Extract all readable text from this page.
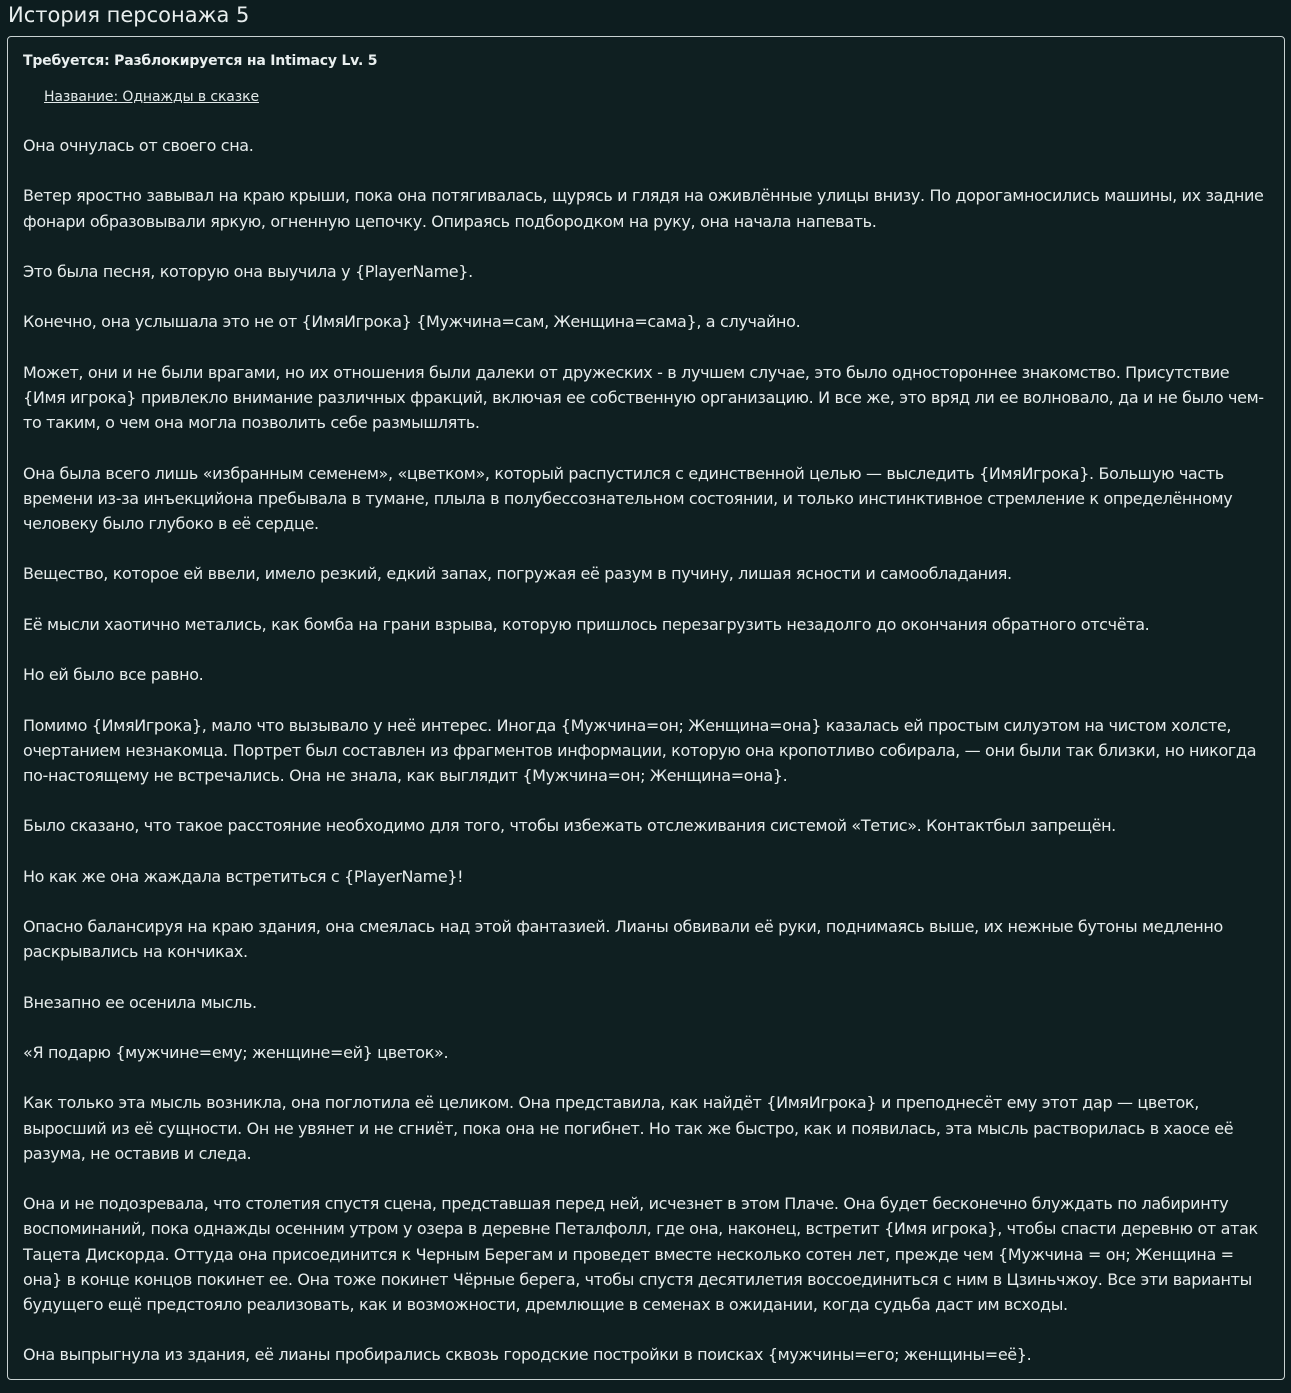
История персонажа 5
Требуется: Разблокируется на Intimacy Lv. 5
Название: Однажды в сказке

Она очнулась от своего сна.

Ветер яростно завывал на краю крыши, пока она потягивалась, щурясь и глядя на оживлённые улицы внизу. По дорогамносились машины, их задние фонари образовывали яркую, огненную цепочку. Опираясь подбородком на руку, она начала напевать.

Это была песня, которую она выучила у {PlayerName}.

Конечно, она услышала это не от {ИмяИгрока} {Мужчина=сам, Женщина=сама}, а случайно.

Может, они и не были врагами, но их отношения были далеки от дружеских - в лучшем случае, это было одностороннее знакомство. Присутствие {Имя игрока} привлекло внимание различных фракций, включая ее собственную организацию. И все же, это вряд ли ее волновало, да и не было чем-то таким, о чем она могла позволить себе размышлять.

Она была всего лишь «избранным семенем», «цветком», который распустился с единственной целью — выследить {ИмяИгрока}. Большую часть времени из-за инъекцийона пребывала в тумане, плыла в полубессознательном состоянии, и только инстинктивное стремление к определённому человеку было глубоко в её сердце.

Вещество, которое ей ввели, имело резкий, едкий запах, погружая её разум в пучину, лишая ясности и самообладания.

Её мысли хаотично метались, как бомба на грани взрыва, которую пришлось перезагрузить незадолго до окончания обратного отсчёта.

Но ей было все равно.

Помимо {ИмяИгрока}, мало что вызывало у неё интерес. Иногда {Мужчина=он; Женщина=она} казалась ей простым силуэтом на чистом холсте, очертанием незнакомца. Портрет был составлен из фрагментов информации, которую она кропотливо собирала, — они были так близки, но никогда по-настоящему не встречались. Она не знала, как выглядит {Мужчина=он; Женщина=она}.

Было сказано, что такое расстояние необходимо для того, чтобы избежать отслеживания системой «Тетис». Контактбыл запрещён.

Но как же она жаждала встретиться с {PlayerName}!

Опасно балансируя на краю здания, она смеялась над этой фантазией. Лианы обвивали её руки, поднимаясь выше, их нежные бутоны медленно раскрывались на кончиках.

Внезапно ее осенила мысль.

«Я подарю {мужчине=ему; женщине=ей} цветок».

Как только эта мысль возникла, она поглотила её целиком. Она представила, как найдёт {ИмяИгрока} и преподнесёт ему этот дар — цветок, выросший из её сущности. Он не увянет и не сгниёт, пока она не погибнет. Но так же быстро, как и появилась, эта мысль растворилась в хаосе её разума, не оставив и следа.

Она и не подозревала, что столетия спустя сцена, представшая перед ней, исчезнет в этом Плаче. Она будет бесконечно блуждать по лабиринту воспоминаний, пока однажды осенним утром у озера в деревне Петалфолл, где она, наконец, встретит {Имя игрока}, чтобы спасти деревню от атак Тацета Дискорда. Оттуда она присоединится к Черным Берегам и проведет вместе несколько сотен лет, прежде чем {Мужчина = он; Женщина = она} в конце концов покинет ее. Она тоже покинет Чёрные берега, чтобы спустя десятилетия воссоединиться с ним в Цзиньчжоу. Все эти варианты будущего ещё предстояло реализовать, как и возможности, дремлющие в семенах в ожидании, когда судьба даст им всходы.

Она выпрыгнула из здания, её лианы пробирались сквозь городские постройки в поисках {мужчины=его; женщины=её}.
